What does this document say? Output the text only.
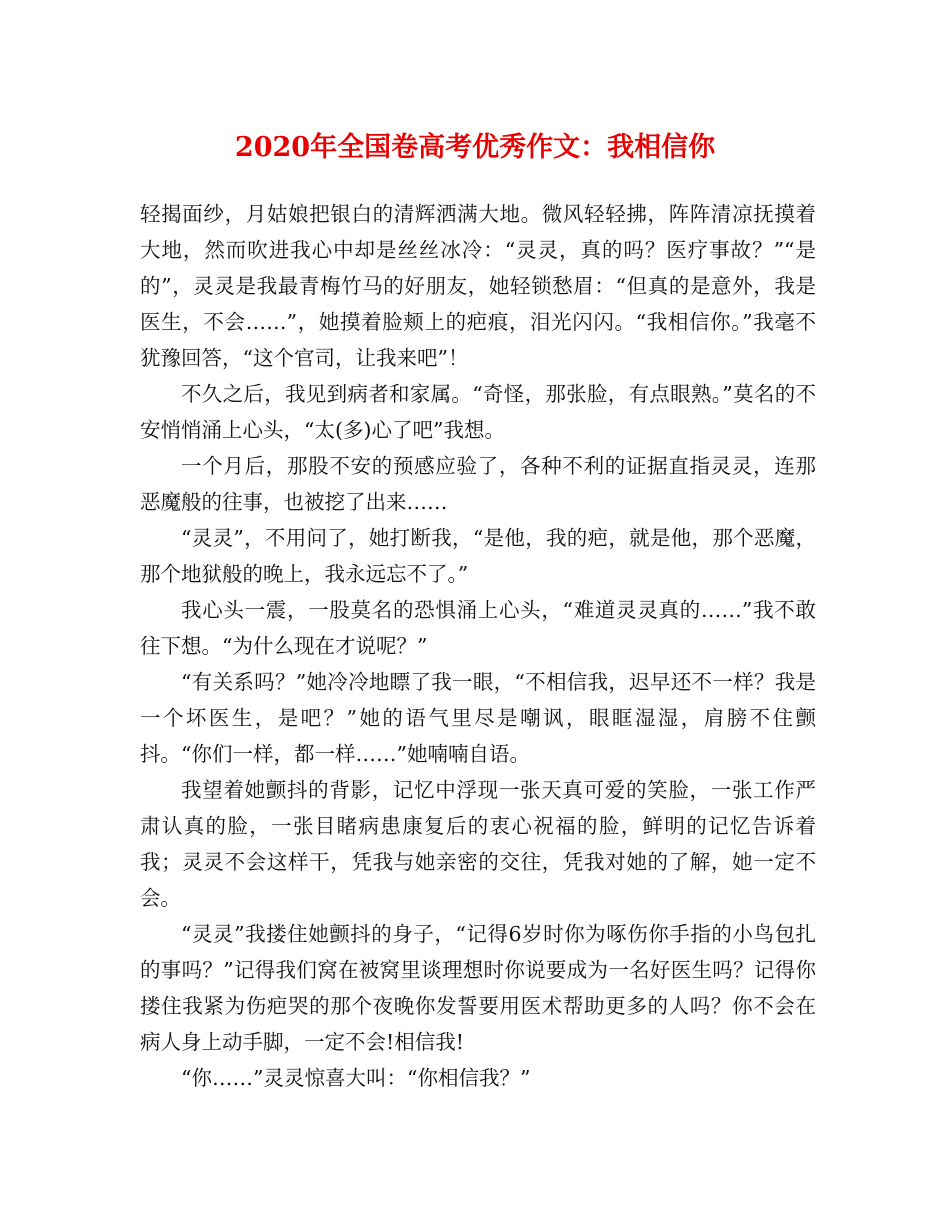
2020年全国卷高考优秀作文：我相信你

轻揭面纱，月姑娘把银白的清辉洒满大地。微风轻轻拂，阵阵清凉抚摸着大地，然而吹进我心中却是丝丝冰冷：“灵灵，真的吗？医疗事故？”“是的”，灵灵是我最青梅竹马的好朋友，她轻锁愁眉：“但真的是意外，我是医生，不会……”，她摸着脸颊上的疤痕，泪光闪闪。“我相信你。”我毫不犹豫回答，“这个官司，让我来吧”！

不久之后，我见到病者和家属。“奇怪，那张脸，有点眼熟。”莫名的不安悄悄涌上心头，“太(多)心了吧”我想。

一个月后，那股不安的预感应验了，各种不利的证据直指灵灵，连那恶魔般的往事，也被挖了出来……

“灵灵”，不用问了，她打断我，“是他，我的疤，就是他，那个恶魔，那个地狱般的晚上，我永远忘不了。”

我心头一震，一股莫名的恐惧涌上心头，“难道灵灵真的……”我不敢往下想。“为什么现在才说呢？”

“有关系吗？”她冷冷地瞟了我一眼，“不相信我，迟早还不一样？我是一个坏医生，是吧？”她的语气里尽是嘲讽，眼眶湿湿，肩膀不住颤抖。“你们一样，都一样……”她喃喃自语。

我望着她颤抖的背影，记忆中浮现一张天真可爱的笑脸，一张工作严肃认真的脸，一张目睹病患康复后的衷心祝福的脸，鲜明的记忆告诉着我；灵灵不会这样干，凭我与她亲密的交往，凭我对她的了解，她一定不会。

“灵灵”我搂住她颤抖的身子，“记得6岁时你为啄伤你手指的小鸟包扎的事吗？”记得我们窝在被窝里谈理想时你说要成为一名好医生吗？记得你搂住我紧为伤疤哭的那个夜晚你发誓要用医术帮助更多的人吗？你不会在病人身上动手脚，一定不会!相信我!

“你……”灵灵惊喜大叫：“你相信我？”
